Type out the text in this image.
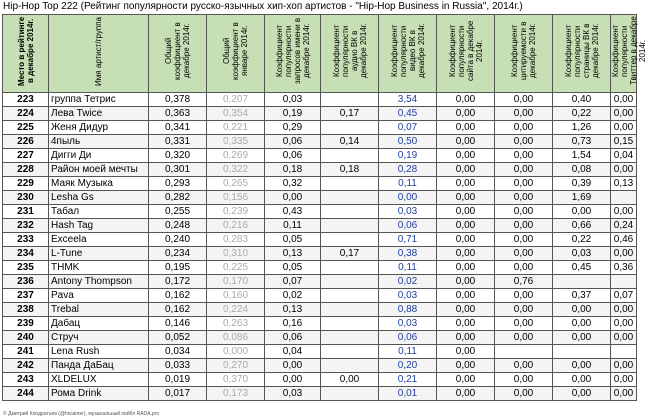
Hip-Hop Top 222 (Рейтинг популярности русско-язычных хип-хоп артистов - "Hip-Hop Business in Russia", 2014г.)
Место в рейтинге в декабре 2014г.	Имя артист/группа	Общий коэффициент в декабре 2014г.	Общий коэффициент в январе 2014г.	Коэффициент популярности запросов имени в декабре 2014г.	Коэффициент популярности аудио ВК в декабре 2014г.	Коэффициент популярности видео ВК в декабре 2014г.	Коэффициент популярности сайта в декабре 2014г.	Коэффициент цитируемости в декабре 2014г.	Коэффициент популярности страницы ВК в декабре 2014г.	Коэффициент популярности Твиттер в декабре 2014г.
223	группа Тетрис	0,378	0,207	0,03		3,54	0,00	0,00	0,40	0,00
224	Лева Twice	0,363	0,354	0,19	0,17	0,45	0,00	0,00	0,22	0,00
225	Женя Дидур	0,341	0,221	0,29		0,07	0,00	0,00	1,26	0,00
226	4пыль	0,331	0,335	0,06	0,14	0,50	0,00	0,00	0,73	0,15
227	Дигги Ди	0,320	0,269	0,06		0,19	0,00	0,00	1,54	0,04
228	Район моей мечты	0,301	0,322	0,18	0,18	0,28	0,00	0,00	0,08	0,00
229	Маяк Музыка	0,293	0,265	0,32		0,11	0,00	0,00	0,39	0,13
230	Lesha Gs	0,282	0,156	0,00		0,00	0,00	0,00	1,69	
231	Табал	0,255	0,239	0,43		0,03	0,00	0,00	0,00	0,00
232	Hash Tag	0,248	0,216	0,11		0,06	0,00	0,00	0,66	0,24
233	Exceela	0,240	0,283	0,05		0,71	0,00	0,00	0,22	0,46
234	L-Tune	0,234	0,310	0,13	0,17	0,38	0,00	0,00	0,03	0,00
235	THMK	0,195	0,225	0,05		0,11	0,00	0,00	0,45	0,36
236	Antony Thompson	0,172	0,170	0,07		0,02	0,00	0,76		
237	Pava	0,162	0,160	0,02		0,03	0,00	0,00	0,37	0,07
238	Trebal	0,162	0,224	0,13		0,88	0,00	0,00	0,00	0,00
239	Дабац	0,146	0,263	0,16		0,03	0,00	0,00	0,00	0,00
240	Струч	0,052	0,086	0,06		0,06	0,00	0,00	0,00	0,00
241	Lena Rush	0,034	0,000	0,04		0,11	0,00			
242	Панда ДаБац	0,033	0,270	0,00		0,20	0,00	0,00	0,00	0,00
243	XLDELUX	0,019	0,370	0,00	0,00	0,21	0,00	0,00	0,00	0,00
244	Рома Drink	0,017	0,173	0,03		0,01	0,00	0,00	0,00	0,00
© Дмитрий Кондратьев (@hiciamer), музыкальный пейбл RADA.pro
